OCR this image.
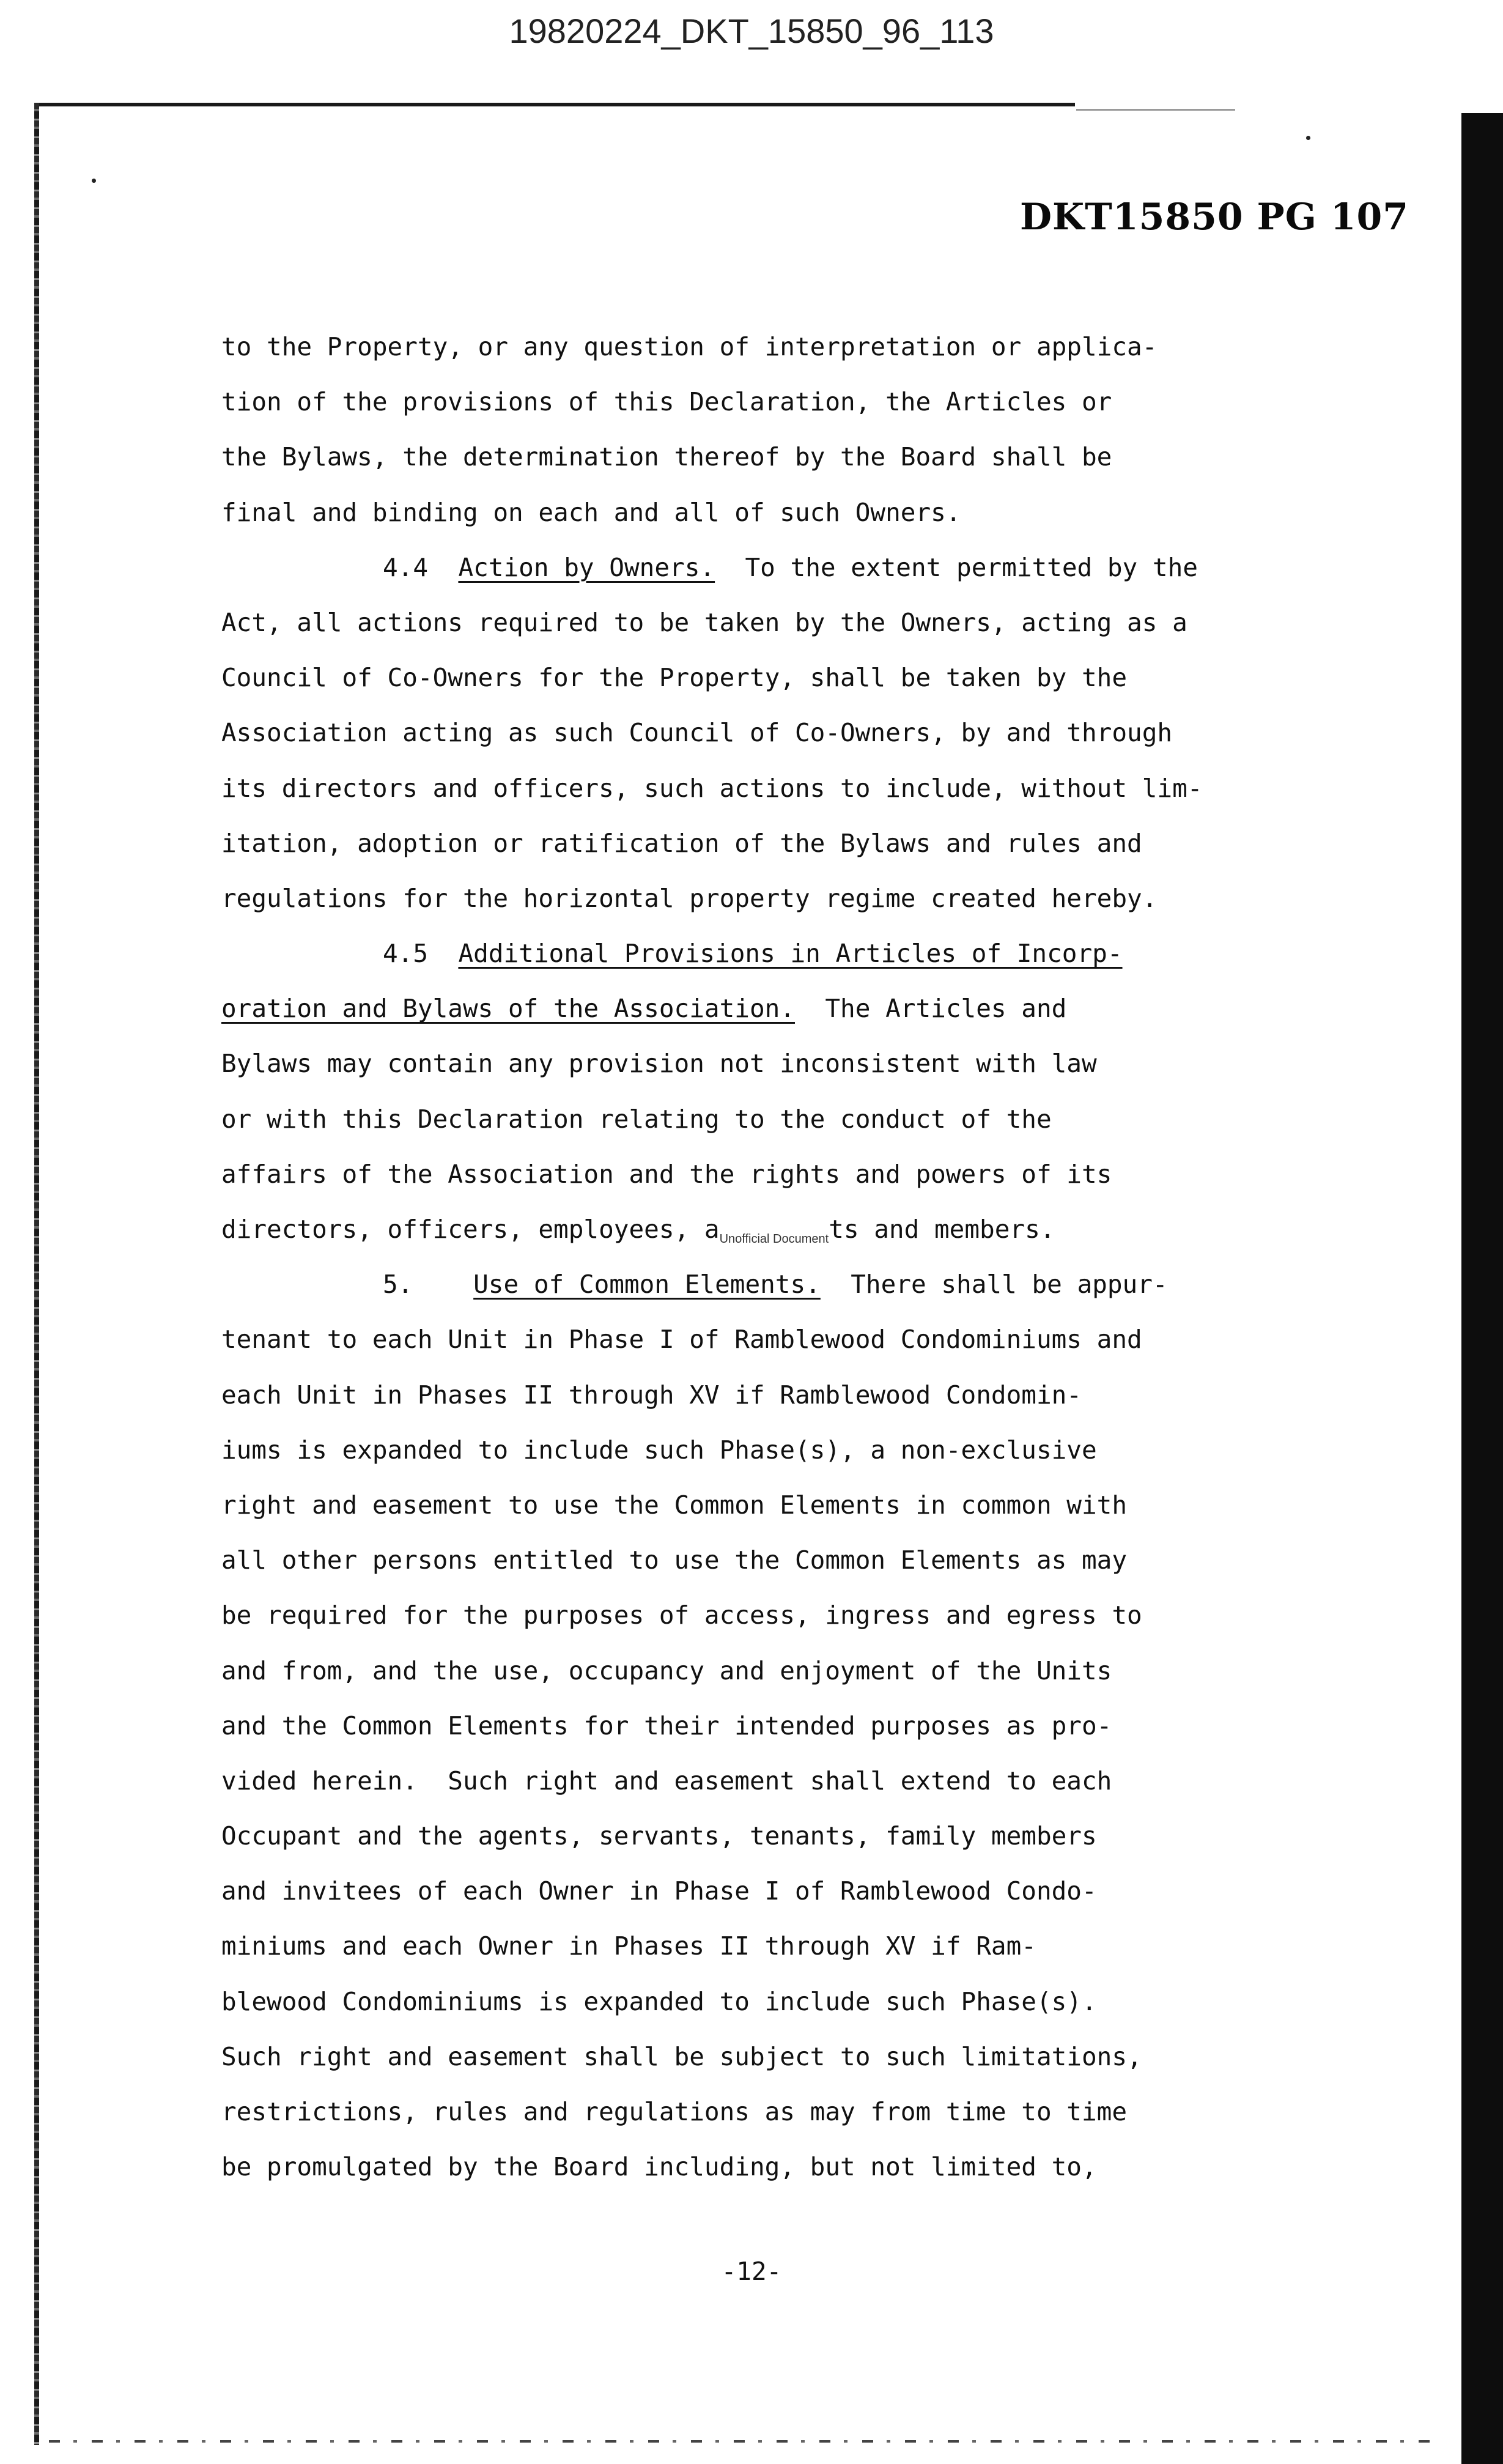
19820224_DKT_15850_96_113
DKT15850 PG 107
to the Property, or any question of interpretation or applica-
tion of the provisions of this Declaration, the Articles or
the Bylaws, the determination thereof by the Board shall be
final and binding on each and all of such Owners.
4.4 Action by Owners. To the extent permitted by the
Act, all actions required to be taken by the Owners, acting as a
Council of Co-Owners for the Property, shall be taken by the
Association acting as such Council of Co-Owners, by and through
its directors and officers, such actions to include, without lim-
itation, adoption or ratification of the Bylaws and rules and
regulations for the horizontal property regime created hereby.
4.5 Additional Provisions in Articles of Incorp-
oration and Bylaws of the Association. The Articles and
Bylaws may contain any provision not inconsistent with law
or with this Declaration relating to the conduct of the
affairs of the Association and the rights and powers of its
directors, officers, employees, aUnofficial Documentts and members.
5. Use of Common Elements. There shall be appur-
tenant to each Unit in Phase I of Ramblewood Condominiums and
each Unit in Phases II through XV if Ramblewood Condomin-
iums is expanded to include such Phase(s), a non-exclusive
right and easement to use the Common Elements in common with
all other persons entitled to use the Common Elements as may
be required for the purposes of access, ingress and egress to
and from, and the use, occupancy and enjoyment of the Units
and the Common Elements for their intended purposes as pro-
vided herein.  Such right and easement shall extend to each
Occupant and the agents, servants, tenants, family members
and invitees of each Owner in Phase I of Ramblewood Condo-
miniums and each Owner in Phases II through XV if Ram-
blewood Condominiums is expanded to include such Phase(s).
Such right and easement shall be subject to such limitations,
restrictions, rules and regulations as may from time to time
be promulgated by the Board including, but not limited to,
-12-
